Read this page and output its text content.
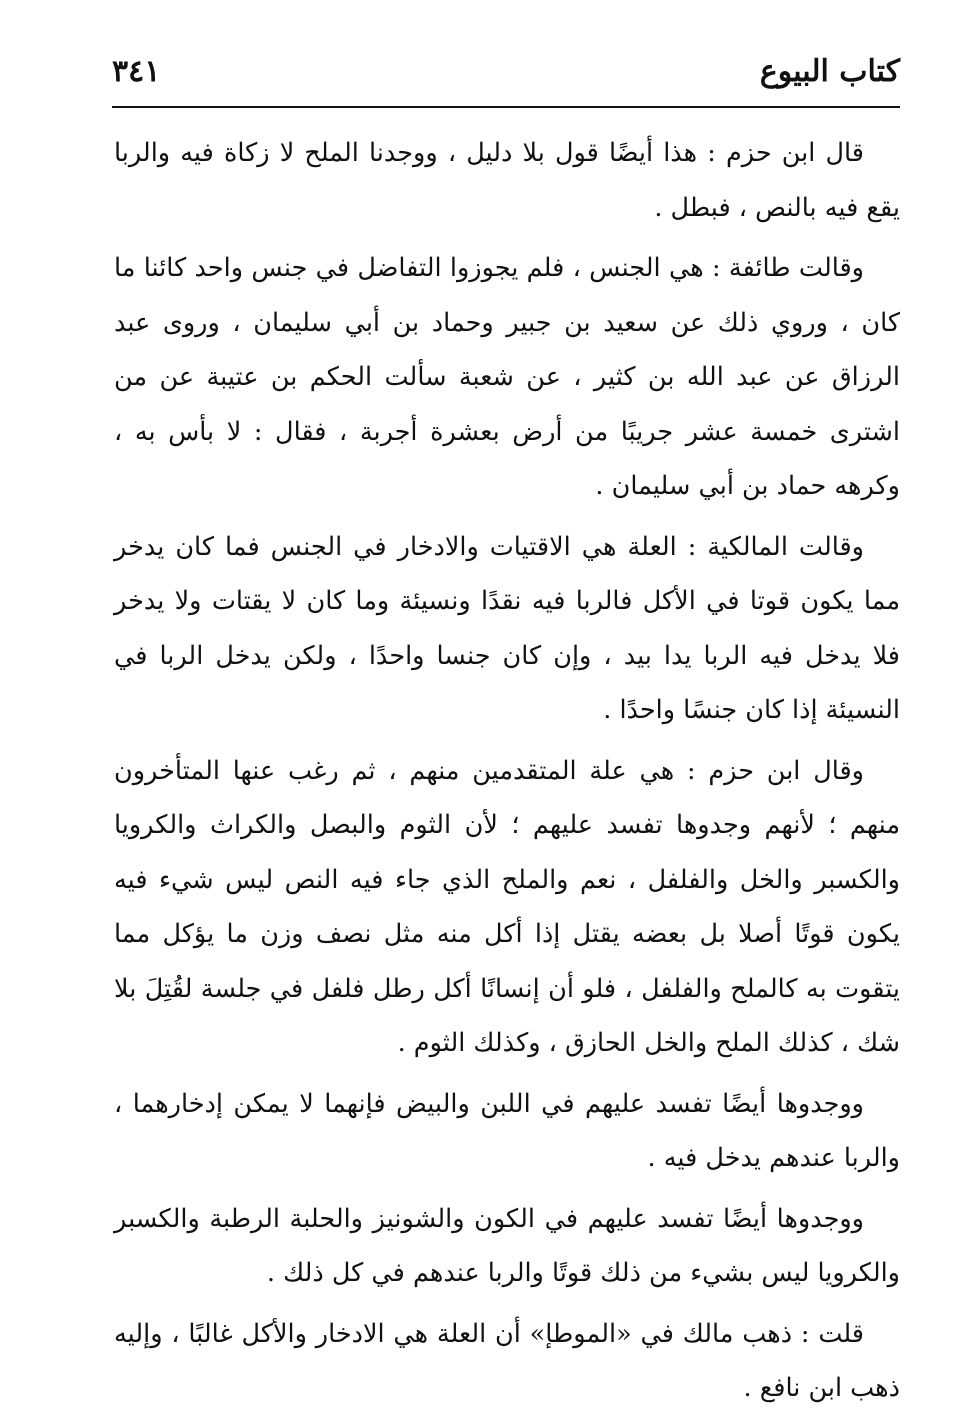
كتاب البيوع
٣٤١

قال ابن حزم : هذا أيضًا قول بلا دليل ، ووجدنا الملح لا زكاة فيه والربا يقع فيه بالنص ، فبطل .

وقالت طائفة : هي الجنس ، فلم يجوزوا التفاضل في جنس واحد كائنا ما كان ، وروي ذلك عن سعيد بن جبير وحماد بن أبي سليمان ، وروى عبد الرزاق عن عبد الله بن كثير ، عن شعبة سألت الحكم بن عتيبة عن من اشترى خمسة عشر جريبًا من أرض بعشرة أجربة ، فقال : لا بأس به ، وكرهه حماد بن أبي سليمان .

وقالت المالكية : العلة هي الاقتيات والادخار في الجنس فما كان يدخر مما يكون قوتا في الأكل فالربا فيه نقدًا ونسيئة وما كان لا يقتات ولا يدخر فلا يدخل فيه الربا يدا بيد ، وإن كان جنسا واحدًا ، ولكن يدخل الربا في النسيئة إذا كان جنسًا واحدًا .

وقال ابن حزم : هي علة المتقدمين منهم ، ثم رغب عنها المتأخرون منهم ؛ لأنهم وجدوها تفسد عليهم ؛ لأن الثوم والبصل والكراث والكرويا والكسبر والخل والفلفل ، نعم والملح الذي جاء فيه النص ليس شيء فيه يكون قوتًا أصلا بل بعضه يقتل إذا أكل منه مثل نصف وزن ما يؤكل مما يتقوت به كالملح والفلفل ، فلو أن إنسانًا أكل رطل فلفل في جلسة لقُتِلَ بلا شك ، كذلك الملح والخل الحازق ، وكذلك الثوم .

ووجدوها أيضًا تفسد عليهم في اللبن والبيض فإنهما لا يمكن إدخارهما ، والربا عندهم يدخل فيه .

ووجدوها أيضًا تفسد عليهم في الكون والشونيز والحلبة الرطبة والكسبر والكرويا ليس بشيء من ذلك قوتًا والربا عندهم في كل ذلك .

قلت : ذهب مالك في «الموطإ» أن العلة هي الادخار والأكل غالبًا ، وإليه ذهب ابن نافع .
